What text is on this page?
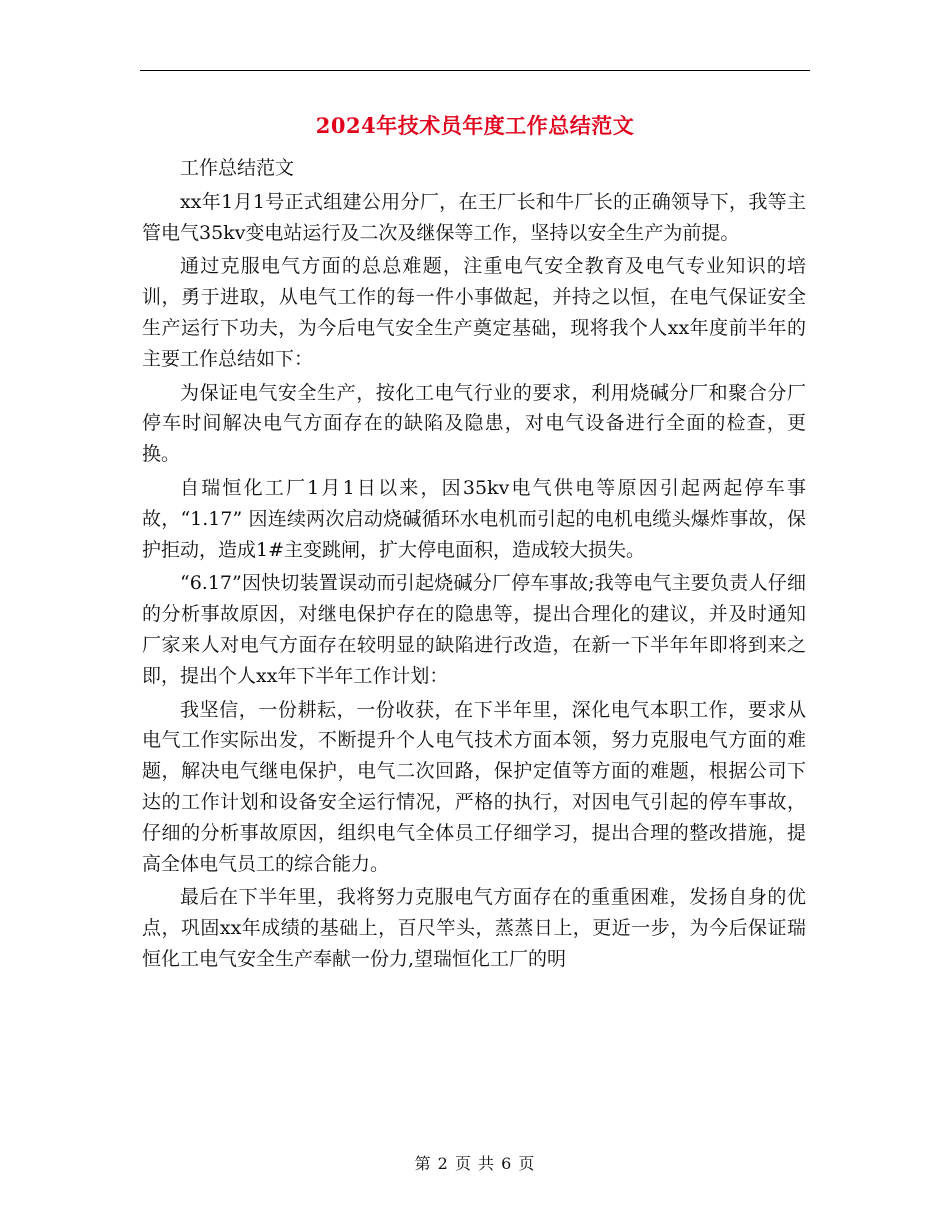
2024年技术员年度工作总结范文

工作总结范文

xx年1月1号正式组建公用分厂，在王厂长和牛厂长的正确领导下，我等主管电气35kv变电站运行及二次及继保等工作，坚持以安全生产为前提。

通过克服电气方面的总总难题，注重电气安全教育及电气专业知识的培训，勇于进取，从电气工作的每一件小事做起，并持之以恒，在电气保证安全生产运行下功夫，为今后电气安全生产奠定基础，现将我个人xx年度前半年的主要工作总结如下：

为保证电气安全生产，按化工电气行业的要求，利用烧碱分厂和聚合分厂停车时间解决电气方面存在的缺陷及隐患，对电气设备进行全面的检查，更换。

自瑞恒化工厂1月1日以来，因35kv电气供电等原因引起两起停车事故，“1.17” 因连续两次启动烧碱循环水电机而引起的电机电缆头爆炸事故，保护拒动，造成1#主变跳闸，扩大停电面积，造成较大损失。

“6.17”因快切装置误动而引起烧碱分厂停车事故;我等电气主要负责人仔细的分析事故原因，对继电保护存在的隐患等，提出合理化的建议，并及时通知厂家来人对电气方面存在较明显的缺陷进行改造，在新一下半年年即将到来之即，提出个人xx年下半年工作计划：

我坚信，一份耕耘，一份收获，在下半年里，深化电气本职工作，要求从电气工作实际出发，不断提升个人电气技术方面本领，努力克服电气方面的难题，解决电气继电保护，电气二次回路，保护定值等方面的难题，根据公司下达的工作计划和设备安全运行情况，严格的执行，对因电气引起的停车事故，仔细的分析事故原因，组织电气全体员工仔细学习，提出合理的整改措施，提高全体电气员工的综合能力。

最后在下半年里，我将努力克服电气方面存在的重重困难，发扬自身的优点，巩固xx年成绩的基础上，百尺竿头，蒸蒸日上，更近一步，为今后保证瑞恒化工电气安全生产奉献一份力,望瑞恒化工厂的明

第 2 页 共 6 页
